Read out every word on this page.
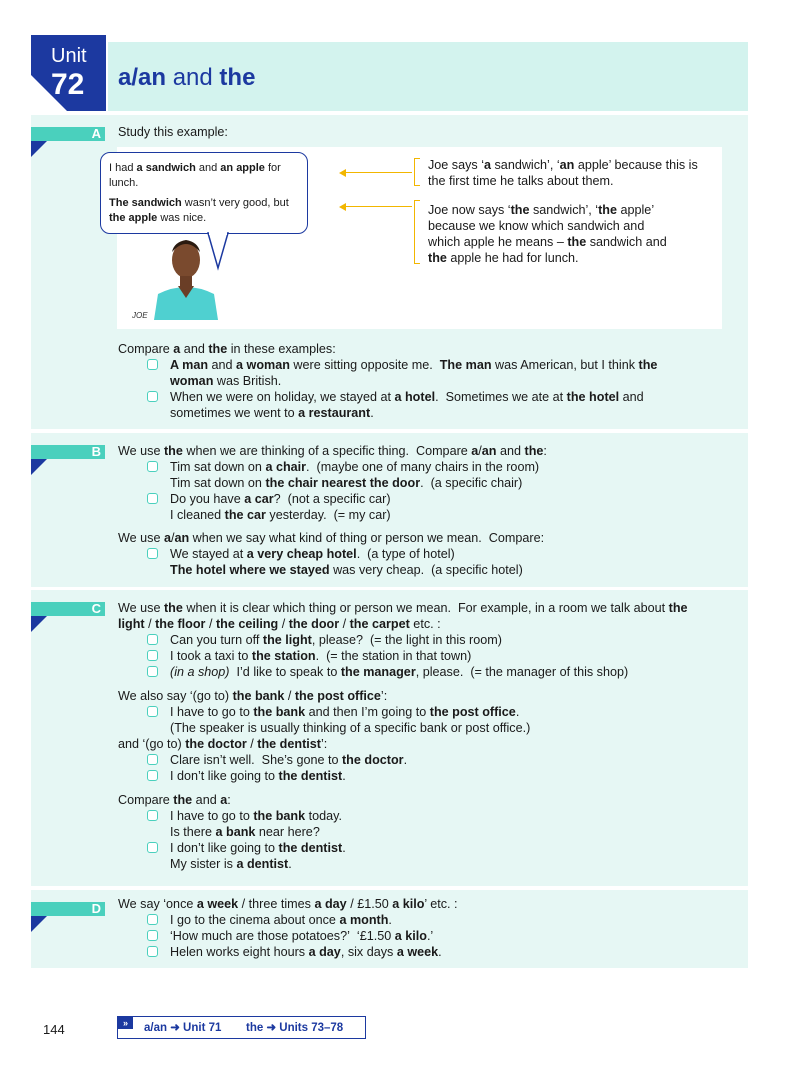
Unit
72 a/an and the
A	Study this example:

I had a sandwich and an apple for lunch.

The sandwich wasn’t very good, but the apple was nice.

JOE
Joe says ‘a sandwich’, ‘an apple’ because this is
the first time he talks about them.
Joe now says ‘the sandwich’, ‘the apple’
because we know which sandwich and
which apple he means – the sandwich and
the apple he had for lunch.
Compare a and the in these examples:
A man and a woman were sitting opposite me.  The man was American, but I think the
woman was British.
When we were on holiday, we stayed at a hotel.  Sometimes we ate at the hotel and
sometimes we went to a restaurant.
B	We use the when we are thinking of a specific thing.  Compare a/an and the:
Tim sat down on a chair.  (maybe one of many chairs in the room)
Tim sat down on the chair nearest the door.  (a specific chair)
Do you have a car?  (not a specific car)
I cleaned the car yesterday.  (= my car)
We use a/an when we say what kind of thing or person we mean.  Compare:
We stayed at a very cheap hotel.  (a type of hotel)
The hotel where we stayed was very cheap.  (a specific hotel)
C	We use the when it is clear which thing or person we mean.  For example, in a room we talk about the
light / the floor / the ceiling / the door / the carpet etc. :
Can you turn off the light, please?  (= the light in this room)
I took a taxi to the station.  (= the station in that town)
(in a shop)  I’d like to speak to the manager, please.  (= the manager of this shop)
We also say ‘(go to) the bank / the post office’:
I have to go to the bank and then I’m going to the post office.
(The speaker is usually thinking of a specific bank or post office.)
and ‘(go to) the doctor / the dentist’:
Clare isn’t well.  She’s gone to the doctor.
I don’t like going to the dentist.
Compare the and a:
I have to go to the bank today.
Is there a bank near here?
I don’t like going to the dentist.
My sister is a dentist.
D	We say ‘once a week / three times a day / £1.50 a kilo’ etc. :
I go to the cinema about once a month.
‘How much are those potatoes?’  ‘£1.50 a kilo.’
Helen works eight hours a day, six days a week.
144	»	a/an ➜ Unit 71 the ➜ Units 73–78
